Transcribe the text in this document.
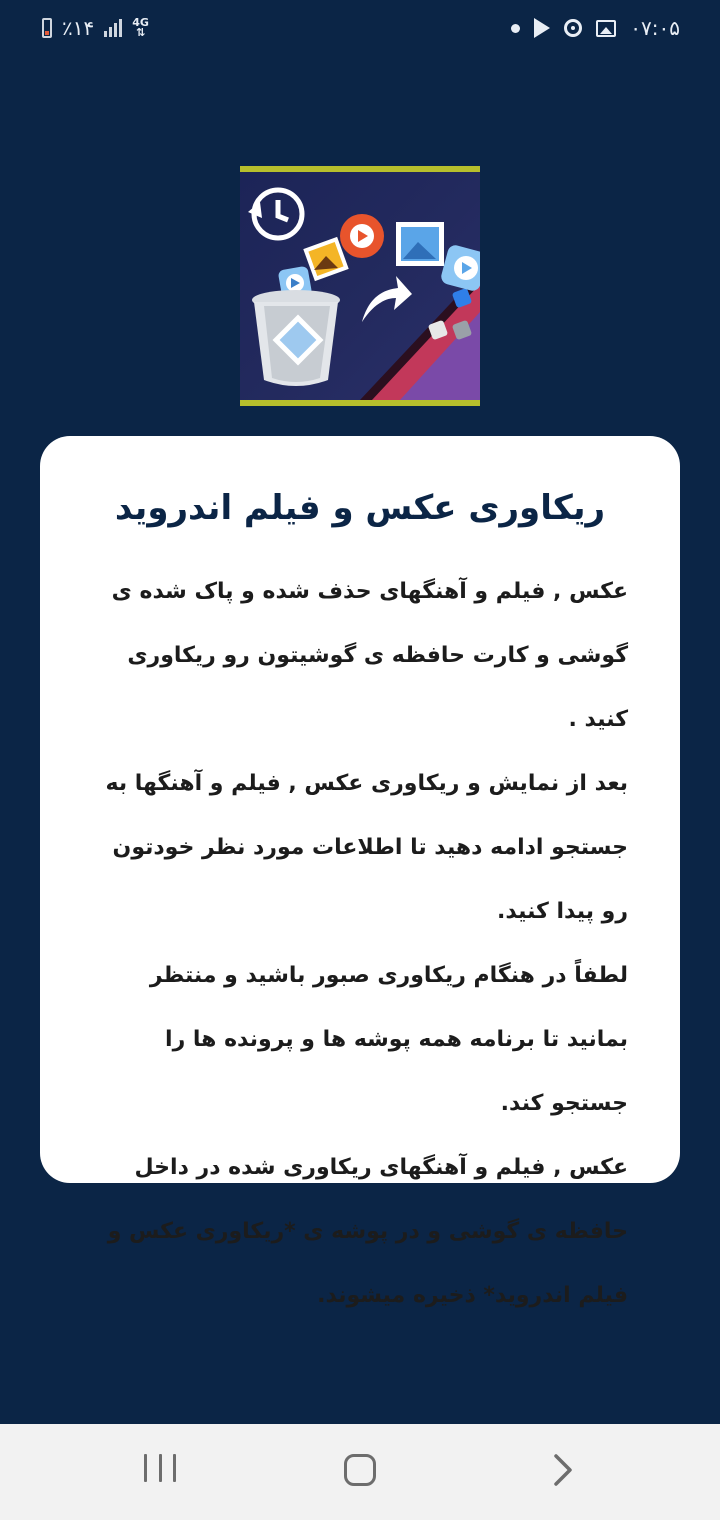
٪۱۴	4G
⇅	۰۷:۰۵
ریکاوری عکس و فیلم اندروید

عکس , فیلم و آهنگهای حذف شده و پاک شده ی گوشی و کارت حافظه ی گوشیتون رو ریکاوری کنید .

بعد از نمایش و ریکاوری عکس , فیلم و آهنگها به جستجو ادامه دهید تا اطلاعات مورد نظر خودتون رو پیدا کنید.

لطفاً در هنگام ریکاوری صبور باشید و منتظر بمانید تا برنامه همه پوشه ها و پرونده ها را جستجو کند.

عکس , فیلم و آهنگهای ریکاوری شده در داخل حافظه ی گوشی و در پوشه ی *ریکاوری عکس و فیلم اندروید* ذخیره میشوند.
